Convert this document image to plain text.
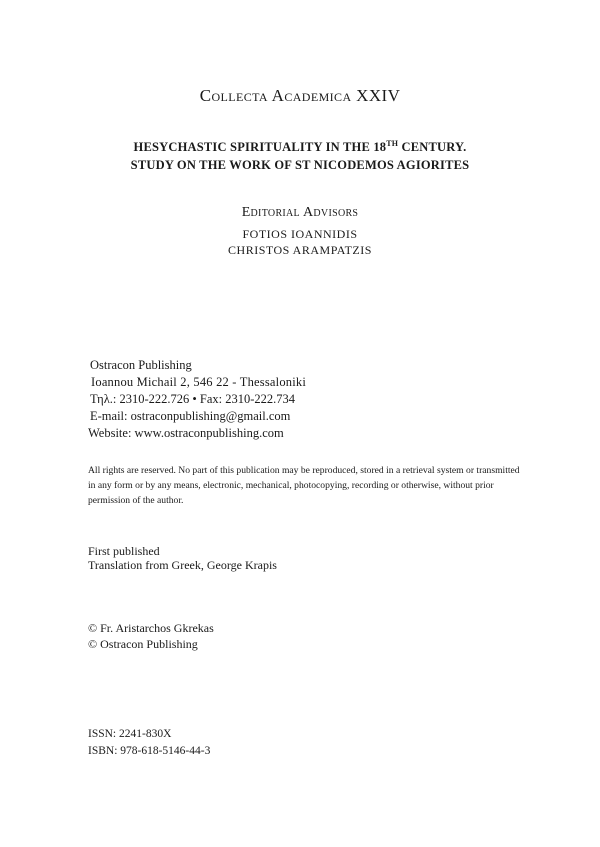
Collecta Academica XXIV
HESYCHASTIC SPIRITUALITY IN THE 18TH CENTURY.
STUDY ON THE WORK OF ST NICODEMOS AGIORITES
Editorial Advisors
FOTIOS IOANNIDIS
CHRISTOS ARAMPATZIS
Ostracon Publishing
Ioannou Michail 2, 546 22 - Thessaloniki
Τηλ.: 2310-222.726 • Fax: 2310-222.734
E-mail: ostraconpublishing@gmail.com
Website: www.ostraconpublishing.com
All rights are reserved. No part of this publication may be reproduced, stored in a retrieval system or transmitted in any form or by any means, electronic, mechanical, photocopying, recording or otherwise, without prior permission of the author.
First published
Translation from Greek, George Krapis
© Fr. Aristarchos Gkrekas
© Ostracon Publishing
ISSN: 2241-830X
ISBN: 978-618-5146-44-3
